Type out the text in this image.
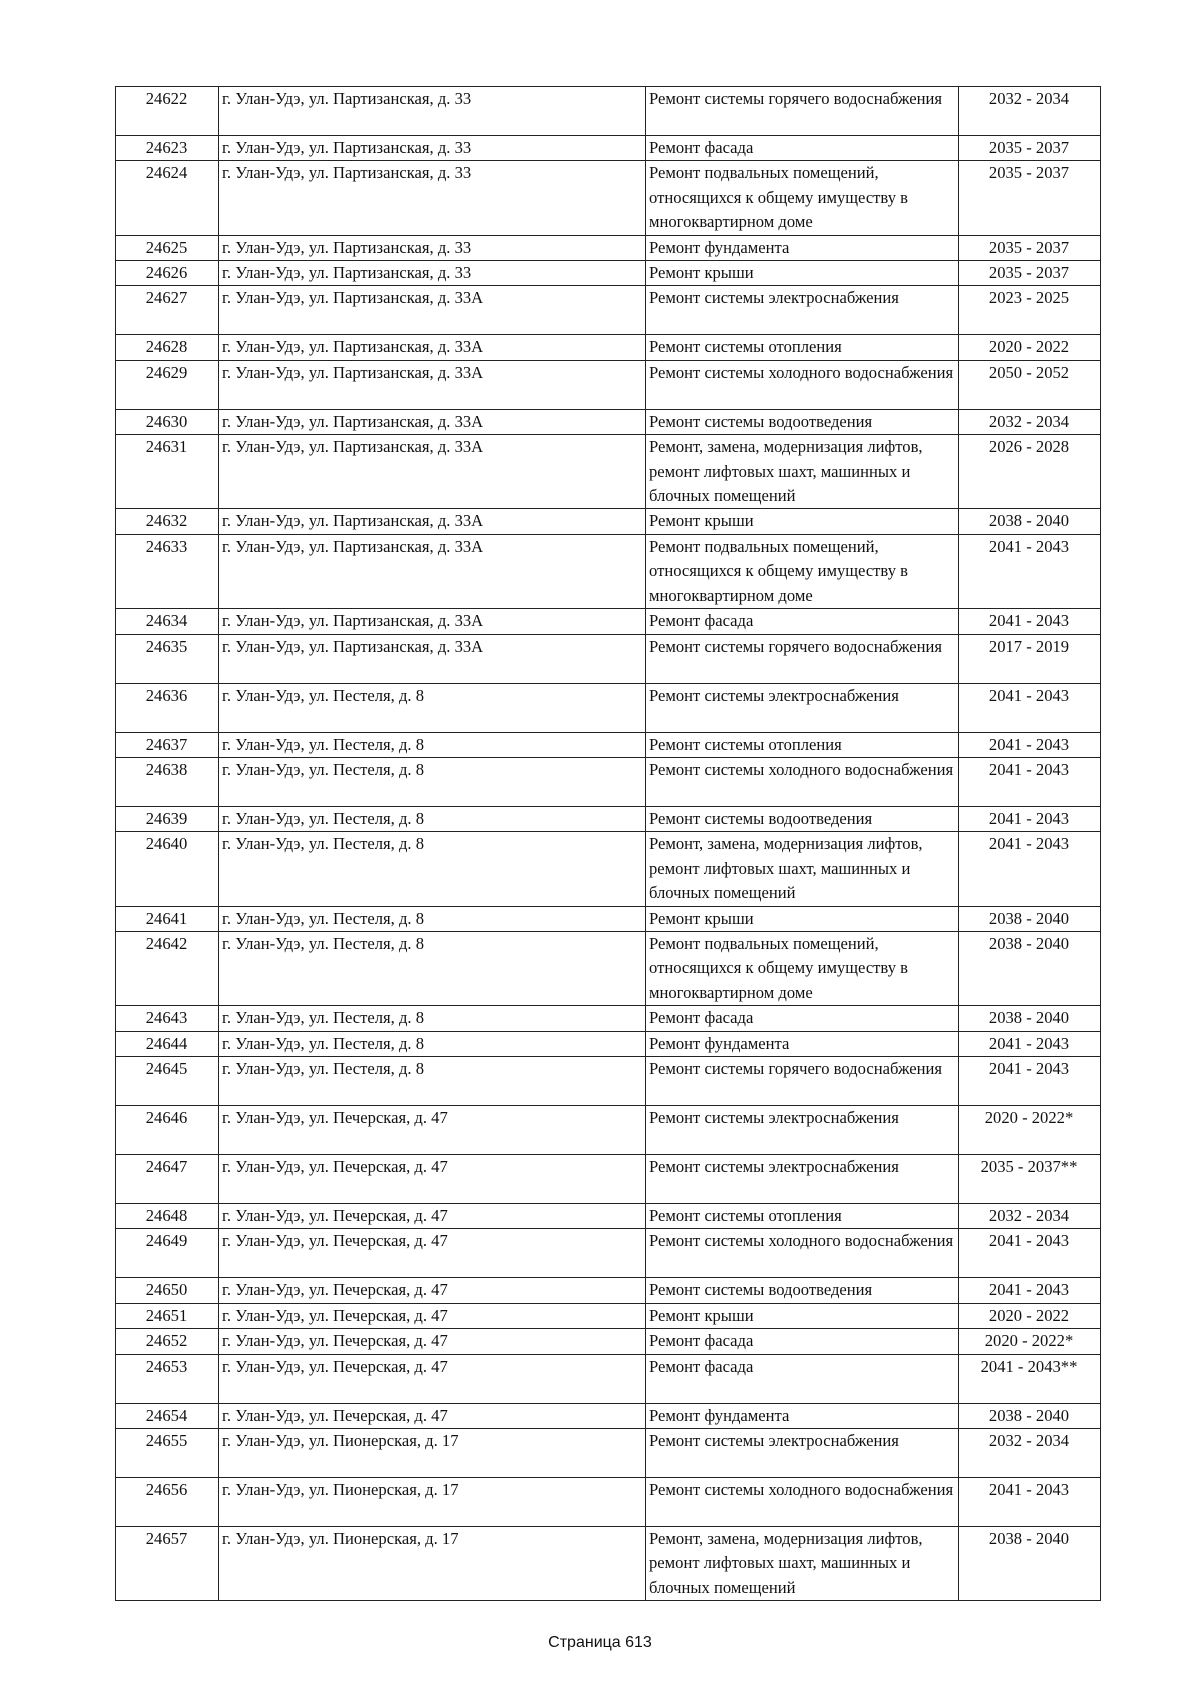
24622	г. Улан-Удэ, ул. Партизанская, д. 33	Ремонт системы горячего водоснабжения	2032 - 2034
24623	г. Улан-Удэ, ул. Партизанская, д. 33	Ремонт фасада	2035 - 2037
24624	г. Улан-Удэ, ул. Партизанская, д. 33	Ремонт подвальных помещений, относящихся к общему имуществу в многоквартирном доме	2035 - 2037
24625	г. Улан-Удэ, ул. Партизанская, д. 33	Ремонт фундамента	2035 - 2037
24626	г. Улан-Удэ, ул. Партизанская, д. 33	Ремонт крыши	2035 - 2037
24627	г. Улан-Удэ, ул. Партизанская, д. 33А	Ремонт системы электроснабжения	2023 - 2025
24628	г. Улан-Удэ, ул. Партизанская, д. 33А	Ремонт системы отопления	2020 - 2022
24629	г. Улан-Удэ, ул. Партизанская, д. 33А	Ремонт системы холодного водоснабжения	2050 - 2052
24630	г. Улан-Удэ, ул. Партизанская, д. 33А	Ремонт системы водоотведения	2032 - 2034
24631	г. Улан-Удэ, ул. Партизанская, д. 33А	Ремонт, замена, модернизация лифтов, ремонт лифтовых шахт, машинных и блочных помещений	2026 - 2028
24632	г. Улан-Удэ, ул. Партизанская, д. 33А	Ремонт крыши	2038 - 2040
24633	г. Улан-Удэ, ул. Партизанская, д. 33А	Ремонт подвальных помещений, относящихся к общему имуществу в многоквартирном доме	2041 - 2043
24634	г. Улан-Удэ, ул. Партизанская, д. 33А	Ремонт фасада	2041 - 2043
24635	г. Улан-Удэ, ул. Партизанская, д. 33А	Ремонт системы горячего водоснабжения	2017 - 2019
24636	г. Улан-Удэ, ул. Пестеля, д. 8	Ремонт системы электроснабжения	2041 - 2043
24637	г. Улан-Удэ, ул. Пестеля, д. 8	Ремонт системы отопления	2041 - 2043
24638	г. Улан-Удэ, ул. Пестеля, д. 8	Ремонт системы холодного водоснабжения	2041 - 2043
24639	г. Улан-Удэ, ул. Пестеля, д. 8	Ремонт системы водоотведения	2041 - 2043
24640	г. Улан-Удэ, ул. Пестеля, д. 8	Ремонт, замена, модернизация лифтов, ремонт лифтовых шахт, машинных и блочных помещений	2041 - 2043
24641	г. Улан-Удэ, ул. Пестеля, д. 8	Ремонт крыши	2038 - 2040
24642	г. Улан-Удэ, ул. Пестеля, д. 8	Ремонт подвальных помещений, относящихся к общему имуществу в многоквартирном доме	2038 - 2040
24643	г. Улан-Удэ, ул. Пестеля, д. 8	Ремонт фасада	2038 - 2040
24644	г. Улан-Удэ, ул. Пестеля, д. 8	Ремонт фундамента	2041 - 2043
24645	г. Улан-Удэ, ул. Пестеля, д. 8	Ремонт системы горячего водоснабжения	2041 - 2043
24646	г. Улан-Удэ, ул. Печерская, д. 47	Ремонт системы электроснабжения	2020 - 2022*
24647	г. Улан-Удэ, ул. Печерская, д. 47	Ремонт системы электроснабжения	2035 - 2037**
24648	г. Улан-Удэ, ул. Печерская, д. 47	Ремонт системы отопления	2032 - 2034
24649	г. Улан-Удэ, ул. Печерская, д. 47	Ремонт системы холодного водоснабжения	2041 - 2043
24650	г. Улан-Удэ, ул. Печерская, д. 47	Ремонт системы водоотведения	2041 - 2043
24651	г. Улан-Удэ, ул. Печерская, д. 47	Ремонт крыши	2020 - 2022
24652	г. Улан-Удэ, ул. Печерская, д. 47	Ремонт фасада	2020 - 2022*
24653	г. Улан-Удэ, ул. Печерская, д. 47	Ремонт фасада	2041 - 2043**
24654	г. Улан-Удэ, ул. Печерская, д. 47	Ремонт фундамента	2038 - 2040
24655	г. Улан-Удэ, ул. Пионерская, д. 17	Ремонт системы электроснабжения	2032 - 2034
24656	г. Улан-Удэ, ул. Пионерская, д. 17	Ремонт системы холодного водоснабжения	2041 - 2043
24657	г. Улан-Удэ, ул. Пионерская, д. 17	Ремонт, замена, модернизация лифтов, ремонт лифтовых шахт, машинных и блочных помещений	2038 - 2040
Страница 613
